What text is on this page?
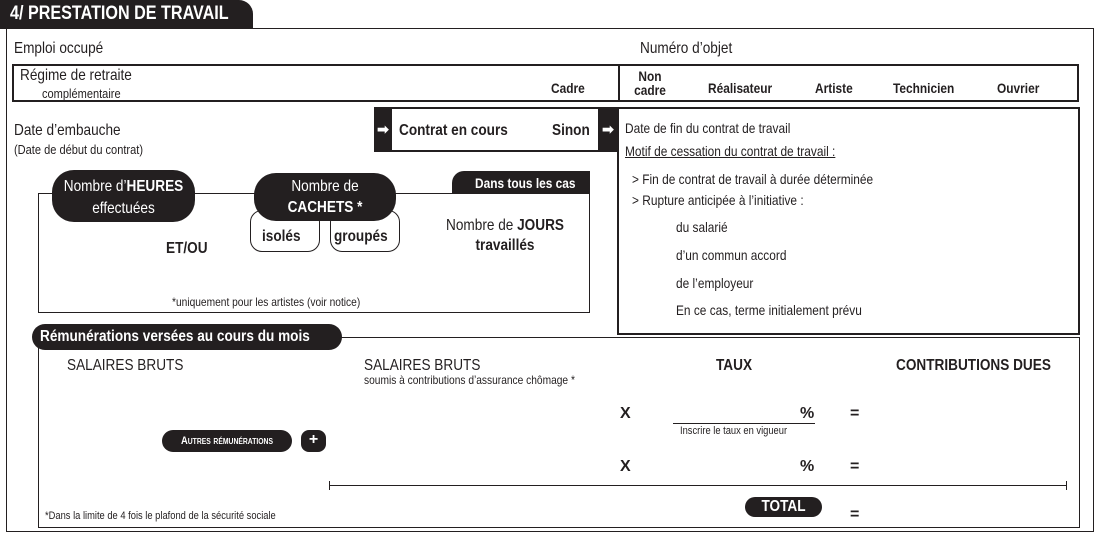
4/ PRESTATION DE TRAVAIL
Emploi occupé	Numéro d’objet
Régime de retraite
complémentaire	Cadre
Non
cadre	Réalisateur	Artiste	Technicien	Ouvrier
Date d’embauche
(Date de début du contrat)
➡ Contrat en cours	Sinon ➡ Date de fin du contrat de travail
Motif de cessation du contrat de travail :
> Fin de contrat de travail à durée déterminée
> Rupture anticipée à l’initiative :
du salarié
d’un commun accord
de l’employeur
En ce cas, terme initialement prévu
Nombre d’HEURES
effectuées
ET/OU
Nombre de
CACHETS *
isolés groupés
Dans tous les cas
Nombre de JOURS
travaillés
*uniquement pour les artistes (voir notice)
Rémunérations versées au cours du mois
SALAIRES BRUTS	SALAIRES BRUTS
soumis à contributions d’assurance chômage *
TAUX	CONTRIBUTIONS DUES
X	% =
Inscrire le taux en vigueur
Autres rémunérations	+
X	% =
TOTAL	=
*Dans la limite de 4 fois le plafond de la sécurité sociale
